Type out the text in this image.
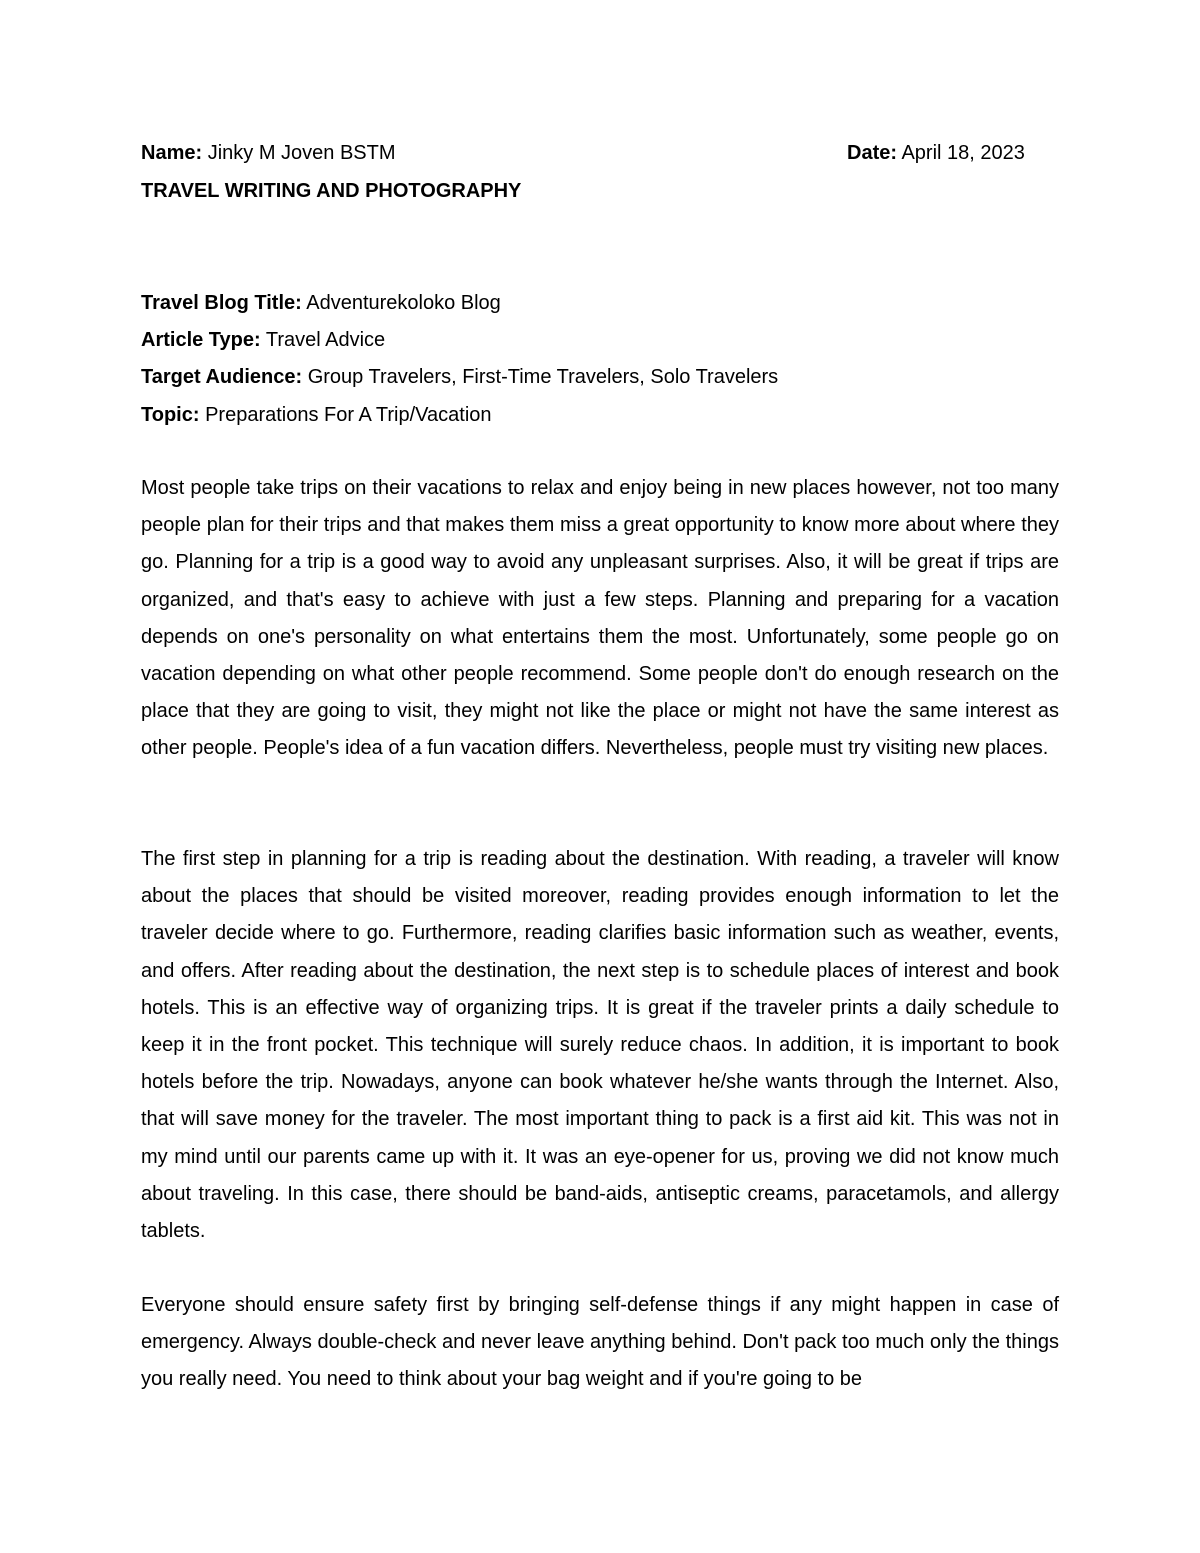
Name: Jinky M Joven BSTM	Date: April 18, 2023
TRAVEL WRITING AND PHOTOGRAPHY
Travel Blog Title: Adventurekoloko Blog
Article Type: Travel Advice
Target Audience: Group Travelers, First-Time Travelers, Solo Travelers
Topic: Preparations For A Trip/Vacation

Most people take trips on their vacations to relax and enjoy being in new places however, not too many people plan for their trips and that makes them miss a great opportunity to know more about where they go. Planning for a trip is a good way to avoid any unpleasant surprises. Also, it will be great if trips are organized, and that's easy to achieve with just a few steps. Planning and preparing for a vacation depends on one's personality on what entertains them the most. Unfortunately, some people go on vacation depending on what other people recommend. Some people don't do enough research on the place that they are going to visit, they might not like the place or might not have the same interest as other people. People's idea of a fun vacation differs. Nevertheless, people must try visiting new places.

The first step in planning for a trip is reading about the destination. With reading, a traveler will know about the places that should be visited moreover, reading provides enough information to let the traveler decide where to go. Furthermore, reading clarifies basic information such as weather, events, and offers. After reading about the destination, the next step is to schedule places of interest and book hotels. This is an effective way of organizing trips. It is great if the traveler prints a daily schedule to keep it in the front pocket. This technique will surely reduce chaos. In addition, it is important to book hotels before the trip. Nowadays, anyone can book whatever he/she wants through the Internet. Also, that will save money for the traveler. The most important thing to pack is a first aid kit. This was not in my mind until our parents came up with it. It was an eye-opener for us, proving we did not know much about traveling. In this case, there should be band-aids, antiseptic creams, paracetamols, and allergy tablets.

Everyone should ensure safety first by bringing self-defense things if any might happen in case of emergency. Always double-check and never leave anything behind. Don't pack too much only the things you really need. You need to think about your bag weight and if you're going to be
